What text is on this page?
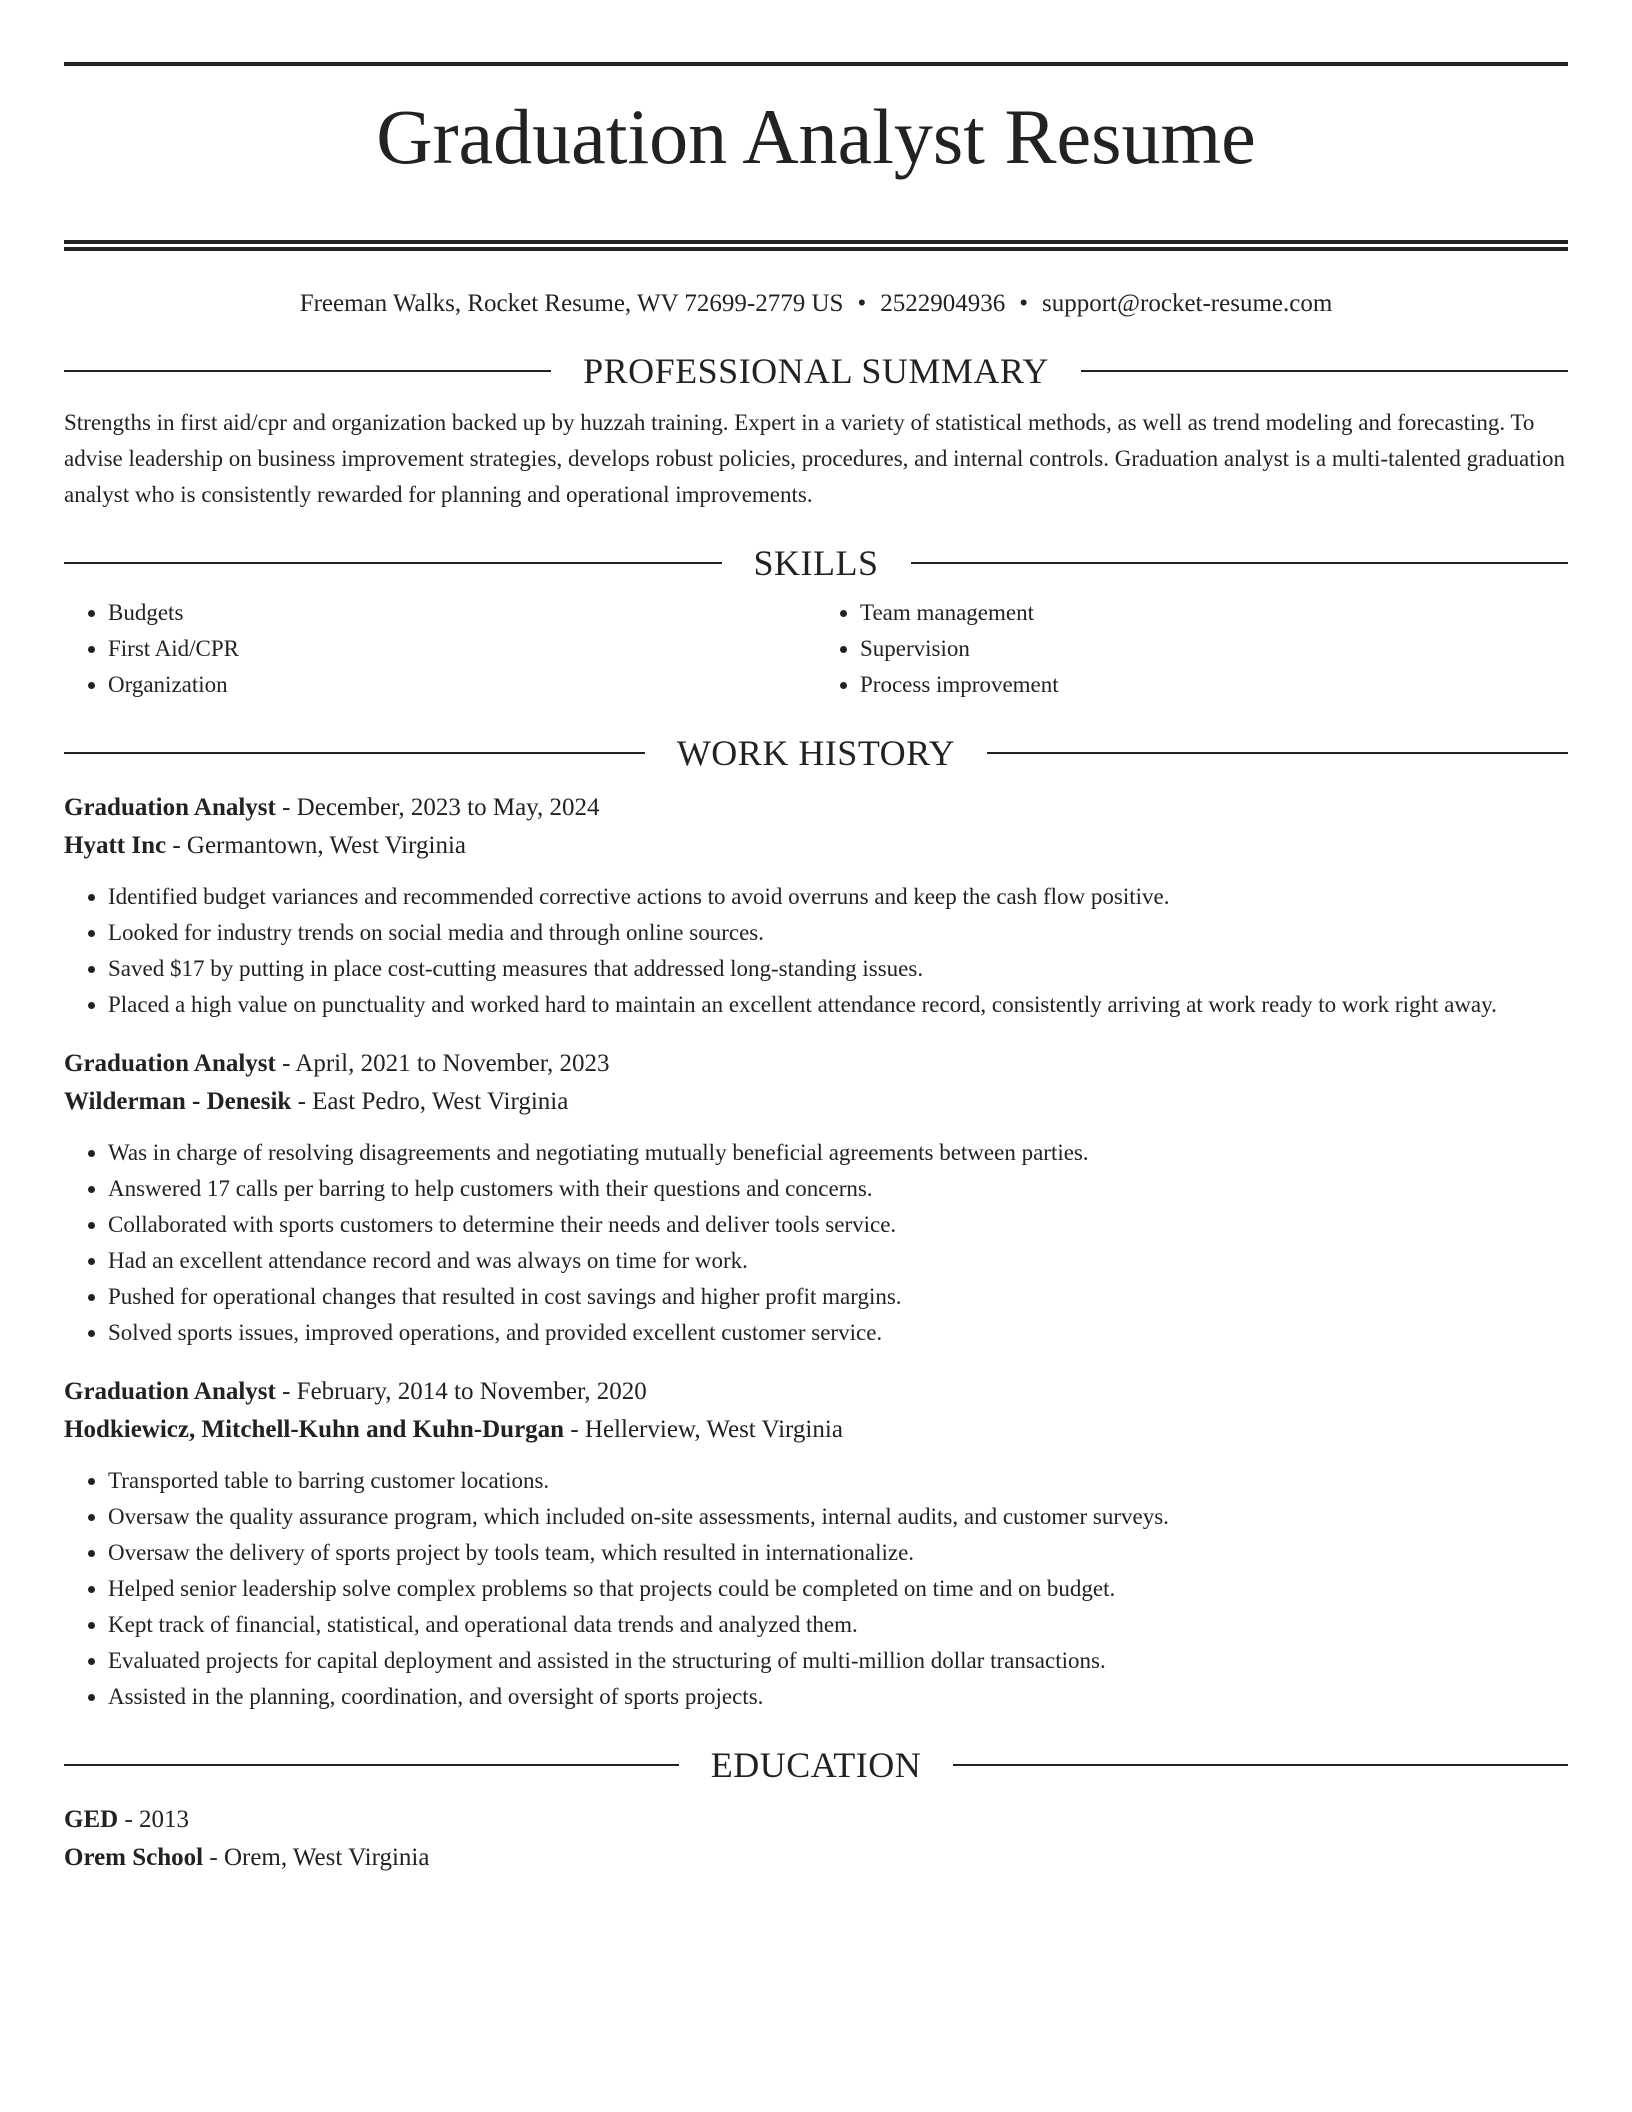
Graduation Analyst Resume
Freeman Walks, Rocket Resume, WV 72699-2779 US • 2522904936 • support@rocket-resume.com
PROFESSIONAL SUMMARY
Strengths in first aid/cpr and organization backed up by huzzah training. Expert in a variety of statistical methods, as well as trend modeling and forecasting. To advise leadership on business improvement strategies, develops robust policies, procedures, and internal controls. Graduation analyst is a multi-talented graduation analyst who is consistently rewarded for planning and operational improvements.
SKILLS
• Budgets
• First Aid/CPR
• Organization
• Team management
• Supervision
• Process improvement
WORK HISTORY
Graduation Analyst - December, 2023 to May, 2024
Hyatt Inc - Germantown, West Virginia
• Identified budget variances and recommended corrective actions to avoid overruns and keep the cash flow positive.
• Looked for industry trends on social media and through online sources.
• Saved $17 by putting in place cost-cutting measures that addressed long-standing issues.
• Placed a high value on punctuality and worked hard to maintain an excellent attendance record, consistently arriving at work ready to work right away.
Graduation Analyst - April, 2021 to November, 2023
Wilderman - Denesik - East Pedro, West Virginia
• Was in charge of resolving disagreements and negotiating mutually beneficial agreements between parties.
• Answered 17 calls per barring to help customers with their questions and concerns.
• Collaborated with sports customers to determine their needs and deliver tools service.
• Had an excellent attendance record and was always on time for work.
• Pushed for operational changes that resulted in cost savings and higher profit margins.
• Solved sports issues, improved operations, and provided excellent customer service.
Graduation Analyst - February, 2014 to November, 2020
Hodkiewicz, Mitchell-Kuhn and Kuhn-Durgan - Hellerview, West Virginia
• Transported table to barring customer locations.
• Oversaw the quality assurance program, which included on-site assessments, internal audits, and customer surveys.
• Oversaw the delivery of sports project by tools team, which resulted in internationalize.
• Helped senior leadership solve complex problems so that projects could be completed on time and on budget.
• Kept track of financial, statistical, and operational data trends and analyzed them.
• Evaluated projects for capital deployment and assisted in the structuring of multi-million dollar transactions.
• Assisted in the planning, coordination, and oversight of sports projects.
EDUCATION
GED - 2013
Orem School - Orem, West Virginia
